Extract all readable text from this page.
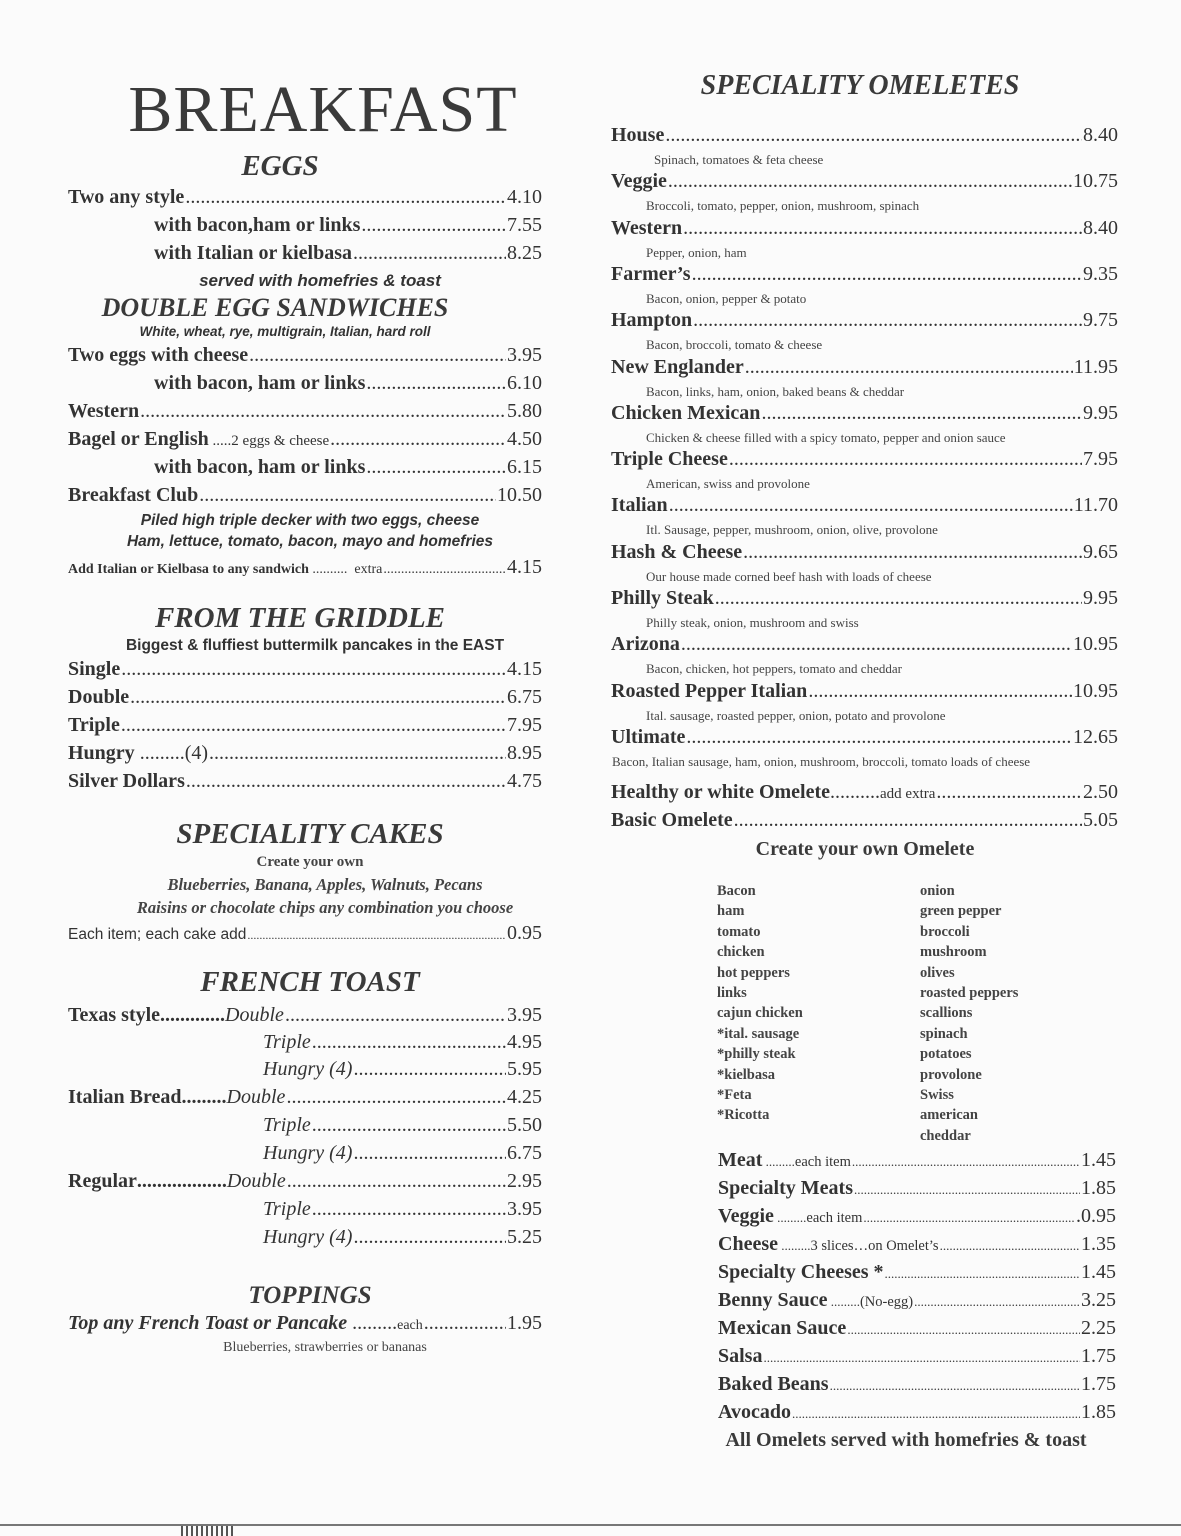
BREAKFAST
EGGS
Two any style .....	4.10
with bacon,ham or links .....	7.55
with Italian or kielbasa .....	8.25
served with homefries & toast
DOUBLE EGG SANDWICHES
White, wheat, rye, multigrain, Italian, hard roll
Two eggs with cheese .....	3.95
with bacon, ham or links .....	6.10
Western .....	5.80
Bagel or English ..... 2 eggs & cheese .....	4.50
with bacon, ham or links .....	6.15
Breakfast Club .....	10.50
Piled high triple decker with two eggs, cheese
Ham, lettuce, tomato, bacon, mayo and homefries
Add Italian or Kielbasa to any sandwich .......... extra .....	4.15
FROM THE GRIDDLE
Biggest & fluffiest buttermilk pancakes in the EAST
Single .....	4.15
Double .....	6.75
Triple .....	7.95
Hungry ......... (4) .....	8.95
Silver Dollars .....	4.75
SPECIALITY CAKES
Create your own
Blueberries, Banana, Apples, Walnuts, Pecans
Raisins or chocolate chips any combination you choose
Each item; each cake add .....	0.95
FRENCH TOAST
Texas style ............. Double .....	3.95
Triple .....	4.95
Hungry (4) .....	5.95
Italian Bread ......... Double .....	4.25
Triple .....	5.50
Hungry (4) .....	6.75
Regular .................. Double .....	2.95
Triple .....	3.95
Hungry (4) .....	5.25
TOPPINGS
Top any French Toast or Pancake ......... each .....	1.95
Blueberries, strawberries or bananas
SPECIALITY OMELETES
House .....	8.40
Spinach, tomatoes & feta cheese
Veggie .....	10.75
Broccoli, tomato, pepper, onion, mushroom, spinach
Western .....	8.40
Pepper, onion, ham
Farmer’s .....	9.35
Bacon, onion, pepper & potato
Hampton .....	9.75
Bacon, broccoli, tomato & cheese
New Englander .....	11.95
Bacon, links, ham, onion, baked beans & cheddar
Chicken Mexican .....	9.95
Chicken & cheese filled with a spicy tomato, pepper and onion sauce
Triple Cheese .....	7.95
American, swiss and provolone
Italian .....	11.70
Itl. Sausage, pepper, mushroom, onion, olive, provolone
Hash & Cheese .....	9.65
Our house made corned beef hash with loads of cheese
Philly Steak .....	9.95
Philly steak, onion, mushroom and swiss
Arizona .....	10.95
Bacon, chicken, hot peppers, tomato and cheddar
Roasted Pepper Italian .....	10.95
Ital. sausage, roasted pepper, onion, potato and provolone
Ultimate .....	12.65
Bacon, Italian sausage, ham, onion, mushroom, broccoli, tomato loads of cheese
Healthy or white Omelete .......... add extra .....	2.50
Basic Omelete .....	5.05
Create your own Omelete
Bacon
ham
tomato
chicken
hot peppers
links
cajun chicken
*ital. sausage
*philly steak
*kielbasa
*Feta
*Ricotta
onion
green pepper
broccoli
mushroom
olives
roasted peppers
scallions
spinach
potatoes
provolone
Swiss
american
cheddar
Meat ......... each item .....	1.45
Specialty Meats .....	1.85
Veggie ......... each item .....	.0.95
Cheese ......... 3 slices…on Omelet’s .....	1.35
Specialty Cheeses * .....	1.45
Benny Sauce ......... (No-egg) .....	3.25
Mexican Sauce .....	2.25
Salsa .....	1.75
Baked Beans .....	1.75
Avocado .....	1.85
All Omelets served with homefries & toast
